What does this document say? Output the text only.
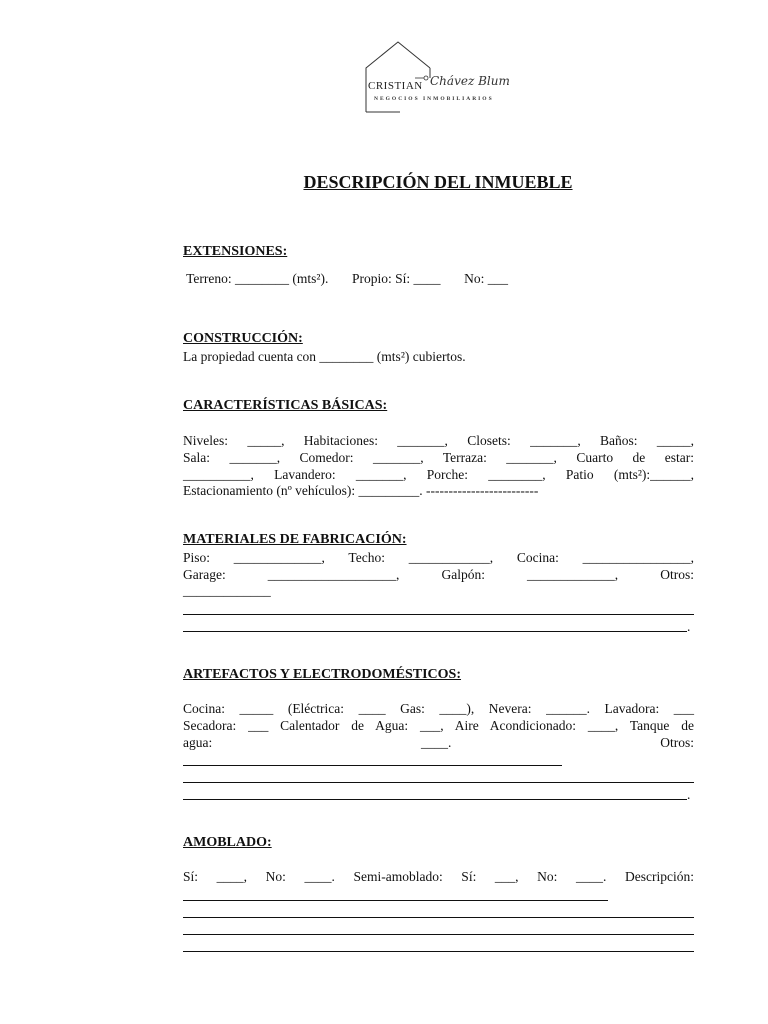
CRISTIAN Chávez Blum
NEGOCIOS INMOBILIARIOS
DESCRIPCIÓN DEL INMUEBLE
EXTENSIONES:
Terreno: ________ (mts²).       Propio: Sí: ____       No: ___
CONSTRUCCIÓN:
La propiedad cuenta con ________ (mts²) cubiertos.
CARACTERÍSTICAS BÁSICAS:
Niveles: _____, Habitaciones: _______, Closets: _______, Baños: _____,
Sala: _______, Comedor: _______, Terraza: _______, Cuarto de estar:
__________, Lavandero: _______, Porche: ________, Patio (mts²):______,
Estacionamiento (nº vehículos): _________. -------------------------
MATERIALES DE FABRICACIÓN:
Piso: _____________, Techo: ____________, Cocina: ________________,
Garage: ___________________, Galpón: _____________, Otros:
_____________
.
ARTEFACTOS Y ELECTRODOMÉSTICOS:
Cocina: _____ (Eléctrica: ____ Gas: ____), Nevera: ______. Lavadora: ___
Secadora: ___ Calentador de Agua: ___, Aire Acondicionado: ____, Tanque de
agua: ____. Otros:
.
AMOBLADO:
Sí: ____, No: ____. Semi-amoblado: Sí: ___, No: ____. Descripción:
